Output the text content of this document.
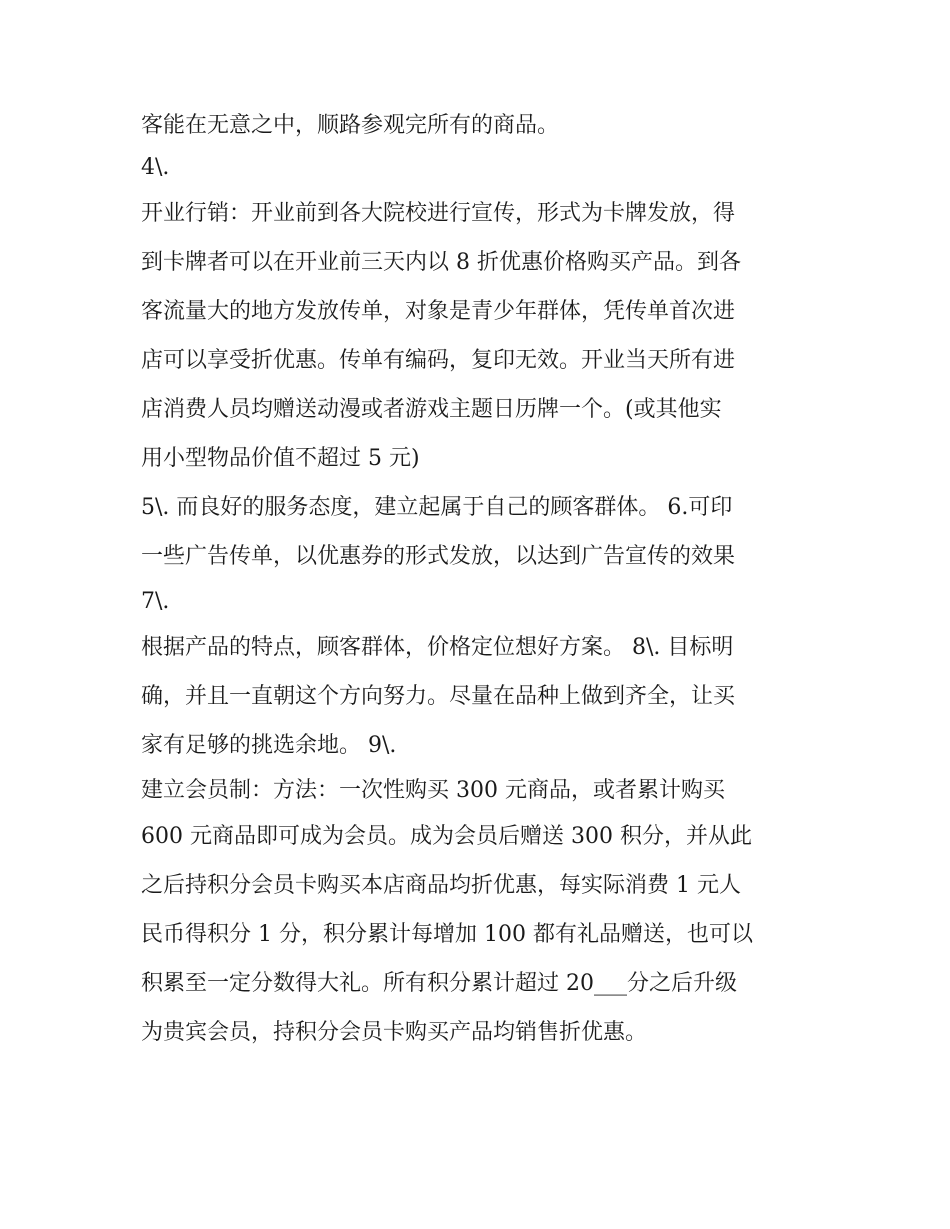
客能在无意之中，顺路参观完所有的商品。
4\.
开业行销：开业前到各大院校进行宣传，形式为卡牌发放，得
到卡牌者可以在开业前三天内以 8 折优惠价格购买产品。到各
客流量大的地方发放传单，对象是青少年群体，凭传单首次进
店可以享受折优惠。传单有编码，复印无效。开业当天所有进
店消费人员均赠送动漫或者游戏主题日历牌一个。(或其他实
用小型物品价值不超过 5 元)
5\. 而良好的服务态度，建立起属于自己的顾客群体。 6.可印
一些广告传单，以优惠券的形式发放，以达到广告宣传的效果
7\.
根据产品的特点，顾客群体，价格定位想好方案。 8\. 目标明
确，并且一直朝这个方向努力。尽量在品种上做到齐全，让买
家有足够的挑选余地。 9\.
建立会员制：方法：一次性购买 300 元商品，或者累计购买
600 元商品即可成为会员。成为会员后赠送 300 积分，并从此
之后持积分会员卡购买本店商品均折优惠，每实际消费 1 元人
民币得积分 1 分，积分累计每增加 100 都有礼品赠送，也可以
积累至一定分数得大礼。所有积分累计超过 20___分之后升级
为贵宾会员，持积分会员卡购买产品均销售折优惠。
